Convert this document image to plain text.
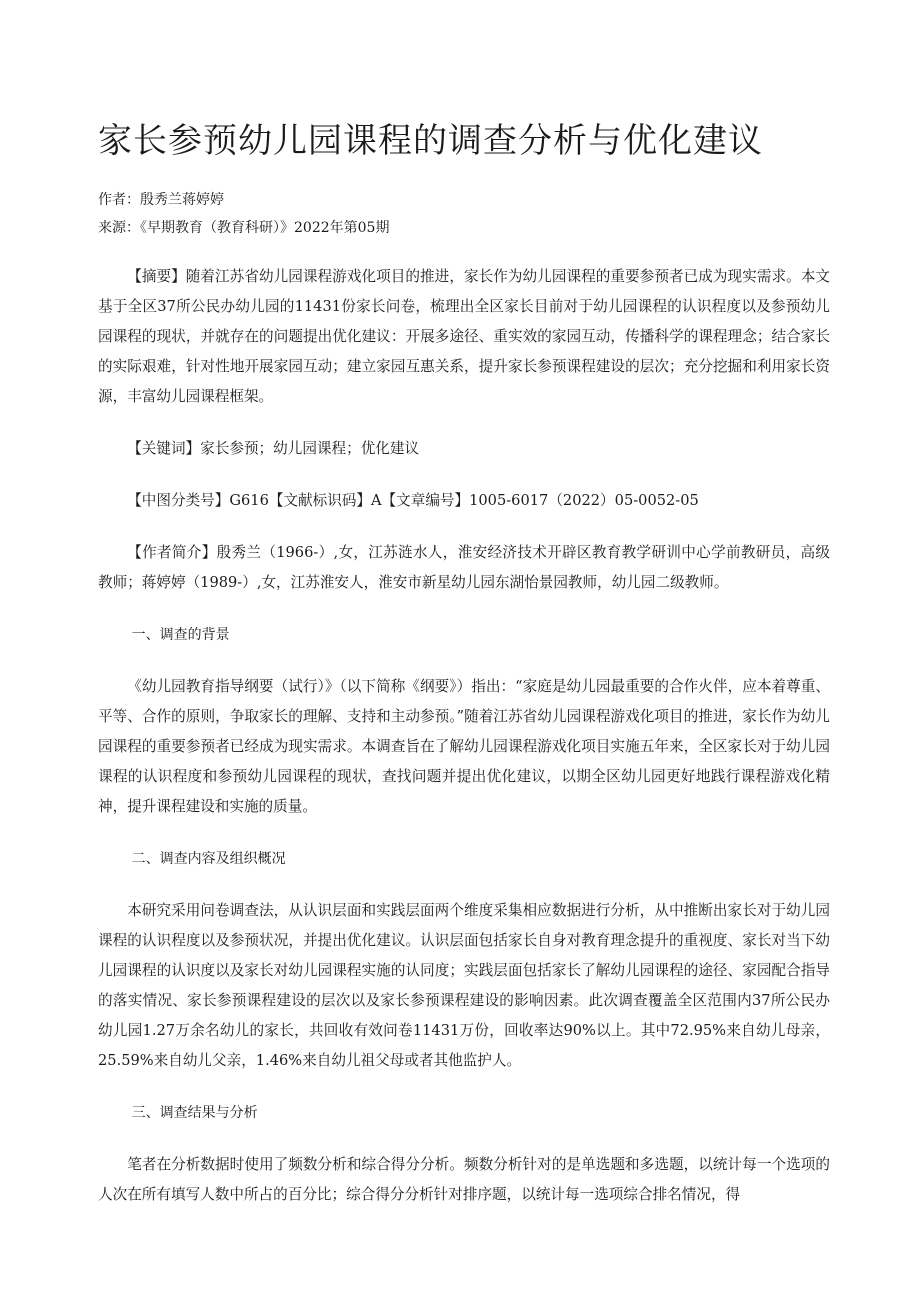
家长参预幼儿园课程的调查分析与优化建议

作者：殷秀兰蒋婷婷

来源：《早期教育（教育科研）》2022年第05期

【摘要】随着江苏省幼儿园课程游戏化项目的推进，家长作为幼儿园课程的重要参预者已成为现实需求。本文基于全区37所公民办幼儿园的11431份家长问卷，梳理出全区家长目前对于幼儿园课程的认识程度以及参预幼儿园课程的现状，并就存在的问题提出优化建议：开展多途径、重实效的家园互动，传播科学的课程理念；结合家长的实际艰难，针对性地开展家园互动；建立家园互惠关系，提升家长参预课程建设的层次；充分挖掘和利用家长资源，丰富幼儿园课程框架。

【关键词】家长参预；幼儿园课程；优化建议

【中图分类号】G616【文献标识码】A【文章编号】1005-6017（2022）05-0052-05

【作者简介】殷秀兰（1966-）,女，江苏涟水人，淮安经济技术开辟区教育教学研训中心学前教研员，高级教师；蒋婷婷（1989-）,女，江苏淮安人，淮安市新星幼儿园东湖怡景园教师，幼儿园二级教师。

一、调查的背景

《幼儿园教育指导纲要（试行）》（以下简称《纲要》）指出：“家庭是幼儿园最重要的合作火伴，应本着尊重、平等、合作的原则，争取家长的理解、支持和主动参预。”随着江苏省幼儿园课程游戏化项目的推进，家长作为幼儿园课程的重要参预者已经成为现实需求。本调查旨在了解幼儿园课程游戏化项目实施五年来，全区家长对于幼儿园课程的认识程度和参预幼儿园课程的现状，查找问题并提出优化建议，以期全区幼儿园更好地践行课程游戏化精神，提升课程建设和实施的质量。

二、调查内容及组织概况

本研究采用问卷调查法，从认识层面和实践层面两个维度采集相应数据进行分析，从中推断出家长对于幼儿园课程的认识程度以及参预状况，并提出优化建议。认识层面包括家长自身对教育理念提升的重视度、家长对当下幼儿园课程的认识度以及家长对幼儿园课程实施的认同度；实践层面包括家长了解幼儿园课程的途径、家园配合指导的落实情况、家长参预课程建设的层次以及家长参预课程建设的影响因素。此次调查覆盖全区范围内37所公民办幼儿园1.27万余名幼儿的家长，共回收有效问卷11431万份，回收率达90%以上。其中72.95%来自幼儿母亲，25.59%来自幼儿父亲，1.46%来自幼儿祖父母或者其他监护人。

三、调查结果与分析

笔者在分析数据时使用了频数分析和综合得分分析。频数分析针对的是单选题和多选题，以统计每一个选项的人次在所有填写人数中所占的百分比；综合得分分析针对排序题，以统计每一选项综合排名情况，得
